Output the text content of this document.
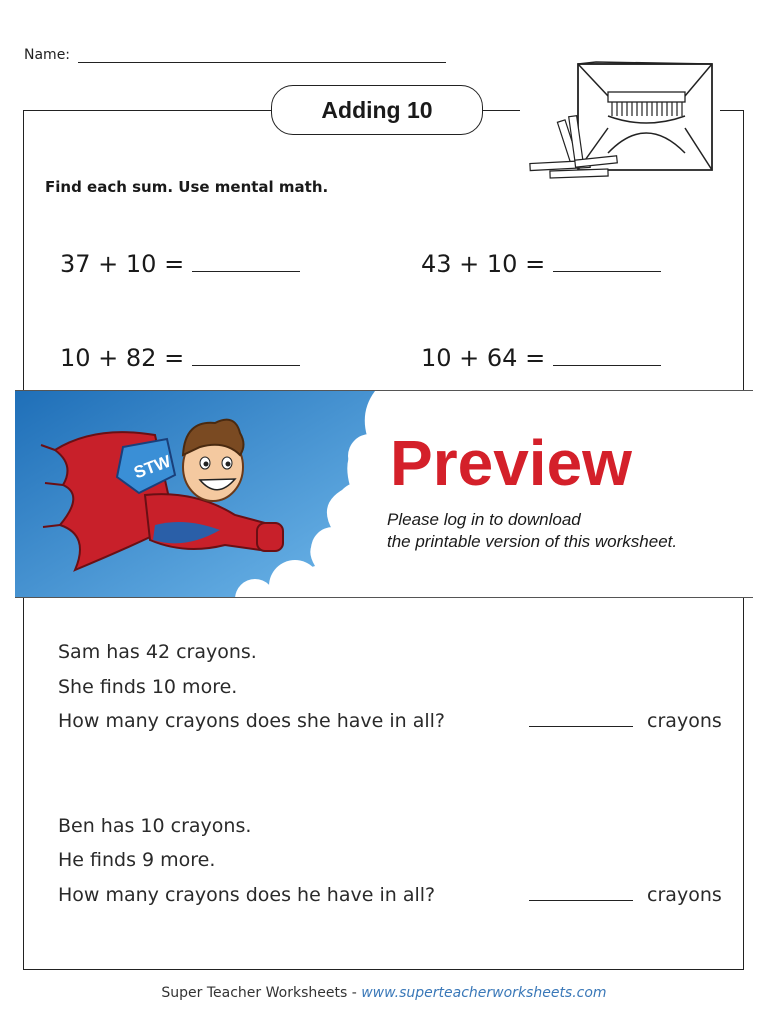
Name:
Adding 10
Find each sum. Use mental math.
37 + 10 =	43 + 10 =
10 + 82 =	10 + 64 =
STW	Preview
Please log in to download
the printable version of this worksheet.
Sam has 42 crayons.
She finds 10 more.
How many crayons does she have in all?	crayons
Ben has 10 crayons.
He finds 9 more.
How many crayons does he have in all?	crayons
Super Teacher Worksheets - www.superteacherworksheets.com
